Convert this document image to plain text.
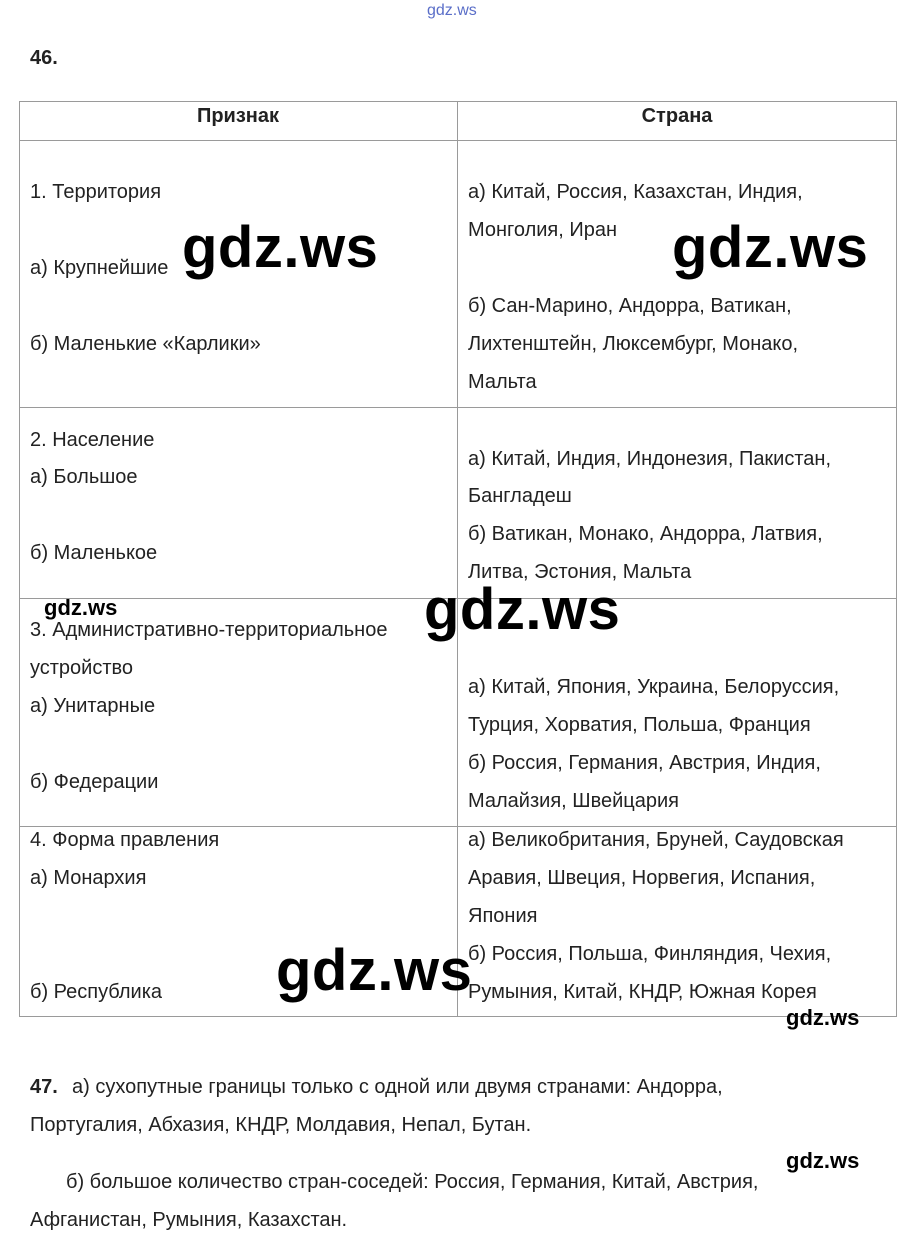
gdz.ws
46.
Признак	Страна
1. Территория
а) Крупнейшие
б) Маленькие «Карлики»
а) Китай, Россия, Казахстан, Индия,
Монголия, Иран
б) Сан-Марино, Андорра, Ватикан,
Лихтенштейн, Люксембург, Монако,
Мальта
2. Население
а) Большое
б) Маленькое
а) Китай, Индия, Индонезия, Пакистан,
Бангладеш
б) Ватикан, Монако, Андорра, Латвия,
Литва, Эстония, Мальта
3. Административно-территориальное
устройство
а) Унитарные
б) Федерации
а) Китай, Япония, Украина, Белоруссия,
Турция, Хорватия, Польша, Франция
б) Россия, Германия, Австрия, Индия,
Малайзия, Швейцария
4. Форма правления
а) Монархия
б) Республика
а) Великобритания, Бруней, Саудовская
Аравия, Швеция, Норвегия, Испания,
Япония
б) Россия, Польша, Финляндия, Чехия,
Румыния, Китай, КНДР, Южная Корея
gdz.ws	gdz.ws
gdz.ws
gdz.ws
gdz.ws
gdz.ws
gdz.ws
47. а) сухопутные границы только с одной или двумя странами: Андорра,
Португалия, Абхазия, КНДР, Молдавия, Непал, Бутан.
б) большое количество стран-соседей: Россия, Германия, Китай, Австрия,
Афганистан, Румыния, Казахстан.
